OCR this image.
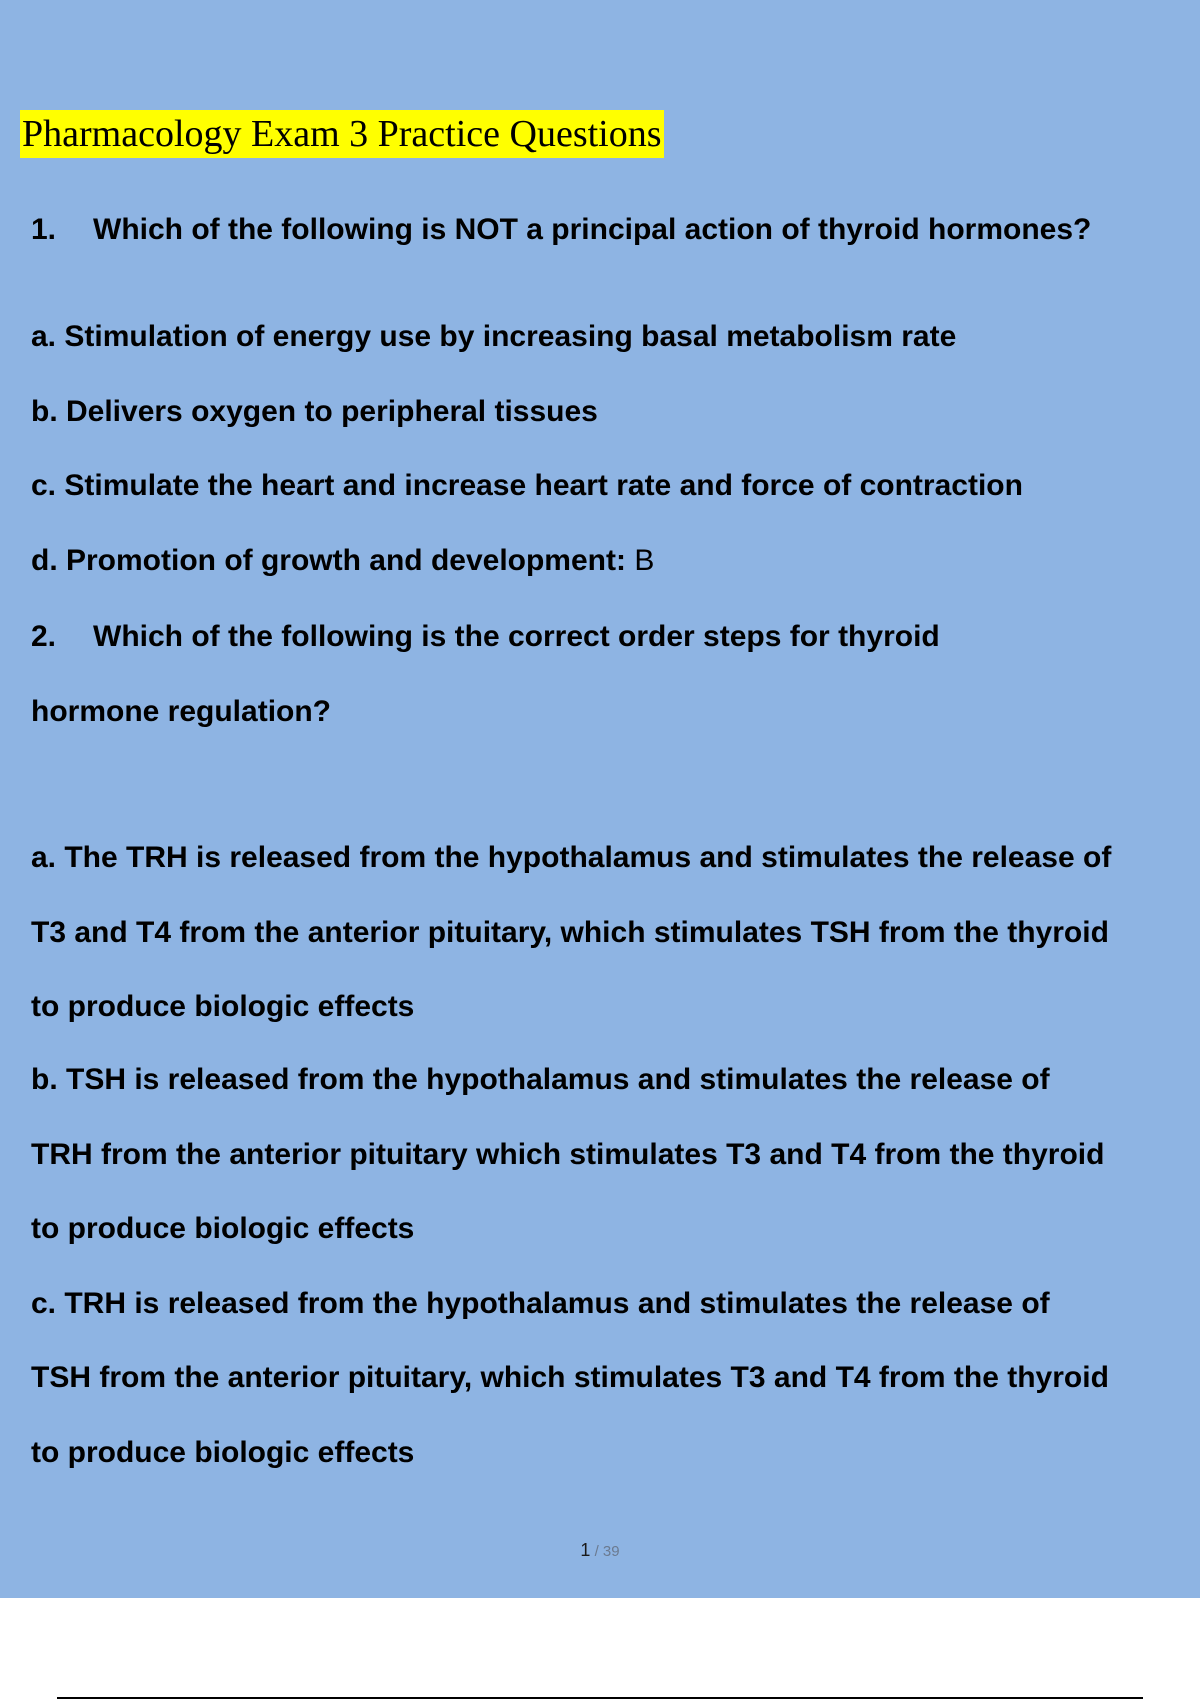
Pharmacology Exam 3 Practice Questions
1. Which of the following is NOT a principal action of thyroid hormones?
a. Stimulation of energy use by increasing basal metabolism rate
b. Delivers oxygen to peripheral tissues
c. Stimulate the heart and increase heart rate and force of contraction
d. Promotion of growth and development: B
2. Which of the following is the correct order steps for thyroid
hormone regulation?
a. The TRH is released from the hypothalamus and stimulates the release of
T3 and T4 from the anterior pituitary, which stimulates TSH from the thyroid
to produce biologic effects
b. TSH is released from the hypothalamus and stimulates the release of
TRH from the anterior pituitary which stimulates T3 and T4 from the thyroid
to produce biologic effects
c. TRH is released from the hypothalamus and stimulates the release of
TSH from the anterior pituitary, which stimulates T3 and T4 from the thyroid
to produce biologic effects
1 / 39
